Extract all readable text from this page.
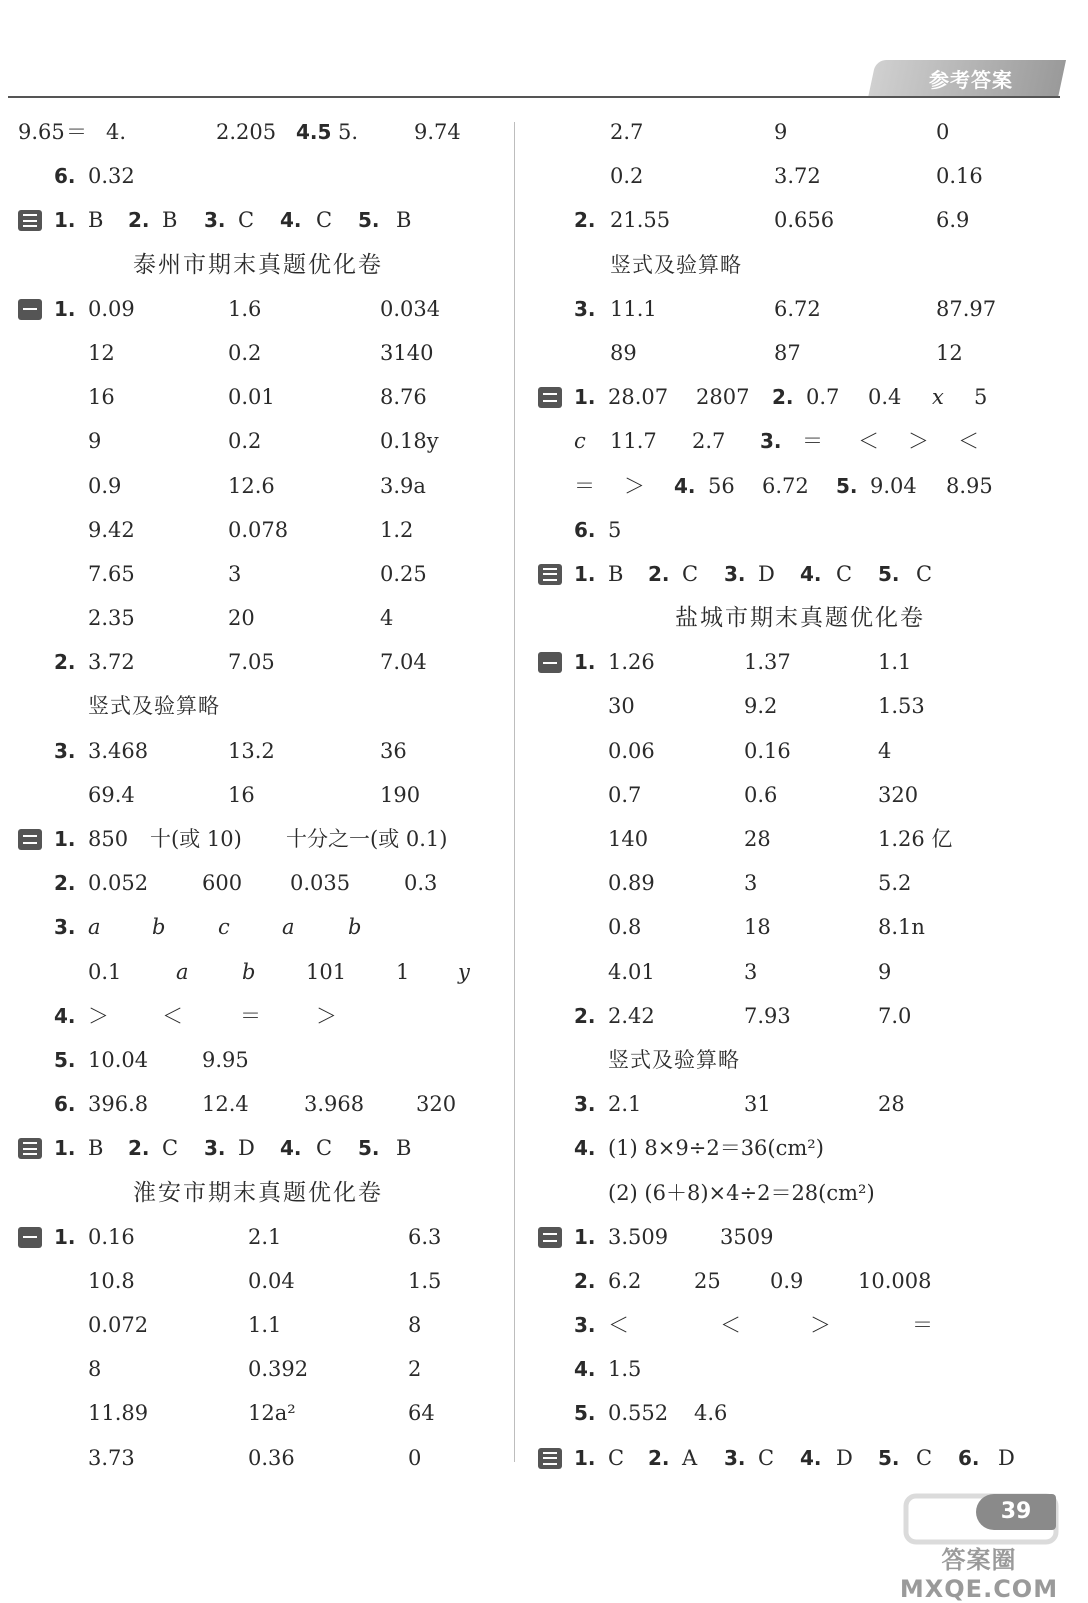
参考答案
＝ 4.	2.205 4.5 5.	9.74
9.65
6. 0.32
1. B 2. B 3. C 4. C 5. B
泰州市期末真题优化卷
1. 0.09	1.6	0.034
12	0.2	3140
16	0.01	8.76
9	0.2	0.18y
0.9	12.6	3.9a
9.42	0.078	1.2
7.65	3	0.25
2.35	20	4
2. 3.72	7.05	7.04
竖式及验算略
3. 3.468	13.2	36
69.4	16	190
1. 850 十(或 10) 十分之一(或 0.1)
2. 0.052	600 0.035	0.3
3. a b	c a	b
0.1	a	b 101 1 y
4. ＞	＜	＝	＞
5. 10.04	9.95
6. 396.8	12.4	3.968 320
1. B 2. C 3. D 4. C 5. B
淮安市期末真题优化卷
1. 0.16	2.1	6.3
10.8	0.04	1.5
0.072	1.1	8
8	0.392	2
11.89	12a²	64
3.73	0.36	0
2.7	9	0
0.2	3.72	0.16
2. 21.55	0.656	6.9
竖式及验算略
3. 11.1	6.72	87.97
89	87	12
1. 28.07 2807 2. 0.7 0.4 x 5
c 11.7 2.7 3. ＝ ＜ ＞ ＜
＝ ＞ 4. 56 6.72 5. 9.04 8.95
6. 5
1. B 2. C 3. D 4. C 5. C
盐城市期末真题优化卷
1. 1.26	1.37	1.1
30	9.2	1.53
0.06	0.16	4
0.7	0.6	320
140	28	1.26 亿
0.89	3	5.2
0.8	18	8.1n
4.01	3	9
2. 2.42	7.93	7.0
竖式及验算略
3. 2.1	31	28
4. (1) 8×9÷2＝36(cm²)
(2) (6＋8)×4÷2＝28(cm²)
1. 3.509 3509
2. 6.2	25 0.9	10.008
3. ＜	＜	＞	＝
4. 1.5
5. 0.552 4.6
1. C 2. A 3. C 4. D 5. C 6. D
39
答案圈 MXQE.COM
